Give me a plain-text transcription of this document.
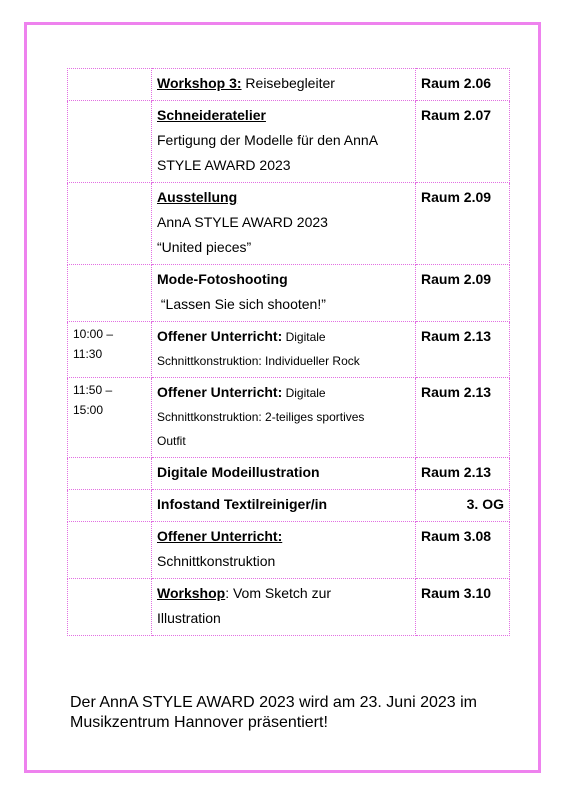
	Workshop 3: Reisebegleiter	Raum 2.06

	Schneideratelier
Fertigung der Modelle für den AnnA
STYLE AWARD 2023	Raum 2.07

	Ausstellung
AnnA STYLE AWARD 2023
“United pieces”	Raum 2.09

	Mode-Fotoshooting
“Lassen Sie sich shooten!”	Raum 2.09

10:00 –
11:30	Offener Unterricht: Digitale
Schnittkonstruktion: Individueller Rock	Raum 2.13

11:50 –
15:00	Offener Unterricht: Digitale
Schnittkonstruktion: 2-teiliges sportives
Outfit	Raum 2.13
	Digitale Modeillustration	Raum 2.13
	Infostand Textilreiniger/in	3. OG

	Offener Unterricht:
Schnittkonstruktion	Raum 3.08

	Workshop: Vom Sketch zur
Illustration	Raum 3.10
Der AnnA STYLE AWARD 2023 wird am 23. Juni 2023 im Musikzentrum Hannover präsentiert!
